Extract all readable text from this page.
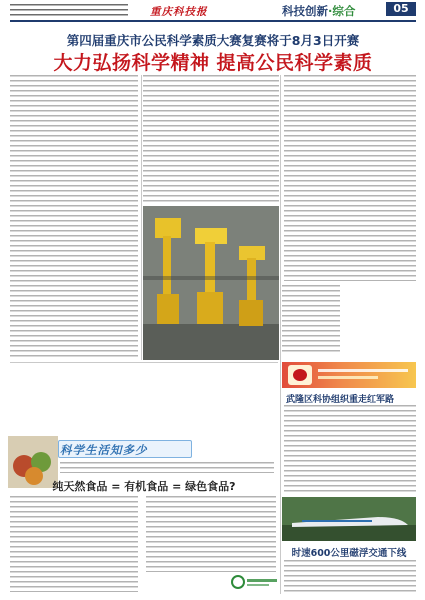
重庆科技报	科技创新·综合	05
第四届重庆市公民科学素质大赛复赛将于8月3日开赛
大力弘扬科学精神 提高公民科学素质
武隆区科协组织重走红军路
科学生活知多少
纯天然食品 = 有机食品 = 绿色食品?
时速600公里磁浮交通下线
